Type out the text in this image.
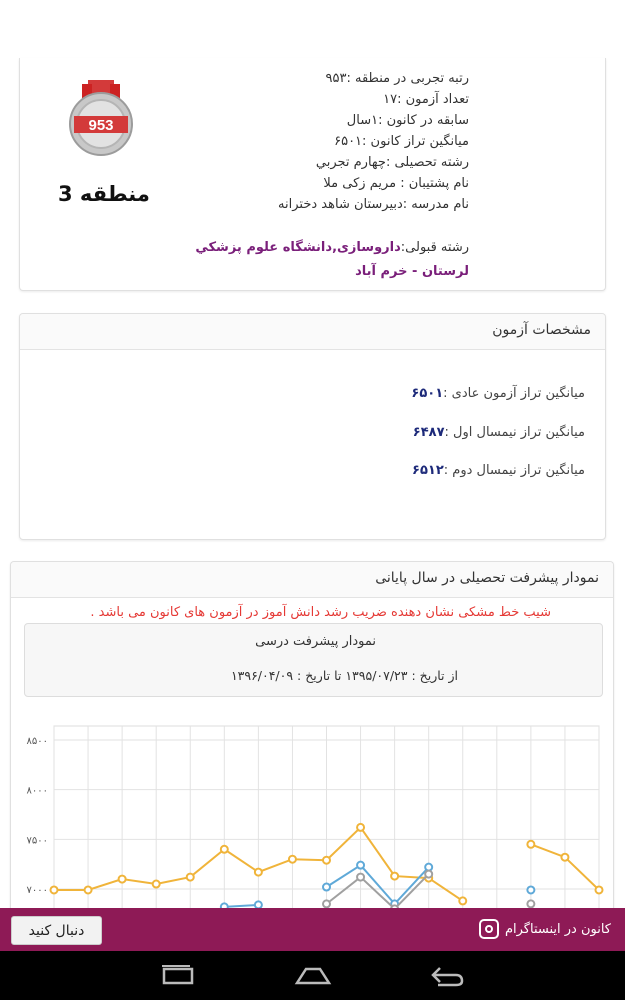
رتبه تجربی در منطقه :۹۵۳
تعداد آزمون :۱۷
سابقه در کانون :۱سال
میانگین تراز کانون :۶۵۰۱
رشته تحصیلی :چهارم تجربي
نام پشتیبان : مریم زکی ملا
نام مدرسه :دبیرستان شاهد دخترانه
رشته قبولی:داروسازی,دانشگاه علوم پزشكي لرستان - خرم آباد
953
منطقه 3
مشخصات آزمون
میانگین تراز آزمون عادی :۶۵۰۱
میانگین تراز نیمسال اول :۶۴۸۷
میانگین تراز نیمسال دوم :۶۵۱۲
نمودار پیشرفت تحصیلی در سال پایانی
شیب خط مشکی نشان دهنده ضریب رشد دانش آموز در آزمون های کانون می باشد .
نمودار پیشرفت درسی
از تاریخ : ۱۳۹۵/۰۷/۲۳ تا تاریخ : ۱۳۹۶/۰۴/۰۹
۸۵۰۰
۸۰۰۰
۷۵۰۰
۷۰۰۰
دنبال کنید	کانون در اینستاگرام
